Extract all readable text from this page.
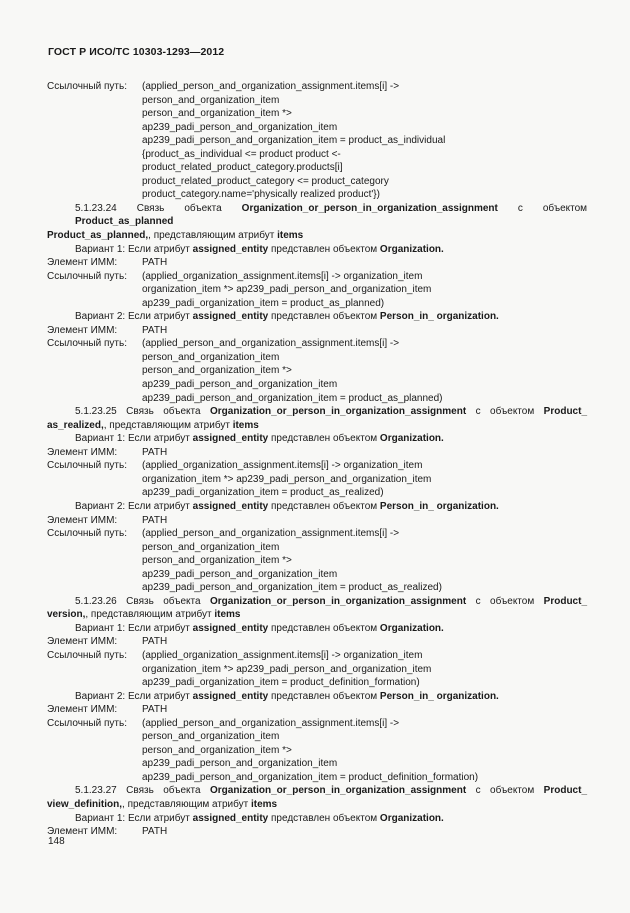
ГОСТ Р ИСО/ТС 10303-1293—2012
Ссылочный путь:	(applied_person_and_organization_assignment.items[i] ->
person_and_organization_item
person_and_organization_item *>
ap239_padi_person_and_organization_item
ap239_padi_person_and_organization_item = product_as_individual
{product_as_individual <= product product <-
product_related_product_category.products[i]
product_related_product_category <= product_category
product_category.name='physically realized product'})
5.1.23.24 Связь объекта Organization_or_person_in_organization_assignment с объектом Product_as_planned
Product_as_planned,, представляющим атрибут items
Вариант 1: Если атрибут assigned_entity представлен объектом Organization.
Элемент ИММ:	PATH
Ссылочный путь:	(applied_organization_assignment.items[i] -> organization_item
organization_item *> ap239_padi_person_and_organization_item
ap239_padi_organization_item = product_as_planned)
Вариант 2: Если атрибут assigned_entity представлен объектом Person_in_ organization.
Элемент ИММ:	PATH
Ссылочный путь:	(applied_person_and_organization_assignment.items[i] ->
person_and_organization_item
person_and_organization_item *>
ap239_padi_person_and_organization_item
ap239_padi_person_and_organization_item = product_as_planned)
5.1.23.25 Связь объекта Organization_or_person_in_organization_assignment с объектом Product_
as_realized,, представляющим атрибут items
Вариант 1: Если атрибут assigned_entity представлен объектом Organization.
Элемент ИММ:	PATH
Ссылочный путь:	(applied_organization_assignment.items[i] -> organization_item
organization_item *> ap239_padi_person_and_organization_item
ap239_padi_organization_item = product_as_realized)
Вариант 2: Если атрибут assigned_entity представлен объектом Person_in_ organization.
Элемент ИММ:	PATH
Ссылочный путь:	(applied_person_and_organization_assignment.items[i] ->
person_and_organization_item
person_and_organization_item *>
ap239_padi_person_and_organization_item
ap239_padi_person_and_organization_item = product_as_realized)
5.1.23.26 Связь объекта Organization_or_person_in_organization_assignment с объектом Product_
version,, представляющим атрибут items
Вариант 1: Если атрибут assigned_entity представлен объектом Organization.
Элемент ИММ:	PATH
Ссылочный путь:	(applied_organization_assignment.items[i] -> organization_item
organization_item *> ap239_padi_person_and_organization_item
ap239_padi_organization_item = product_definition_formation)
Вариант 2: Если атрибут assigned_entity представлен объектом Person_in_ organization.
Элемент ИММ:	PATH
Ссылочный путь:	(applied_person_and_organization_assignment.items[i] ->
person_and_organization_item
person_and_organization_item *>
ap239_padi_person_and_organization_item
ap239_padi_person_and_organization_item = product_definition_formation)
5.1.23.27 Связь объекта Organization_or_person_in_organization_assignment с объектом Product_
view_definition,, представляющим атрибут items
Вариант 1: Если атрибут assigned_entity представлен объектом Organization.
Элемент ИММ:	PATH
148
